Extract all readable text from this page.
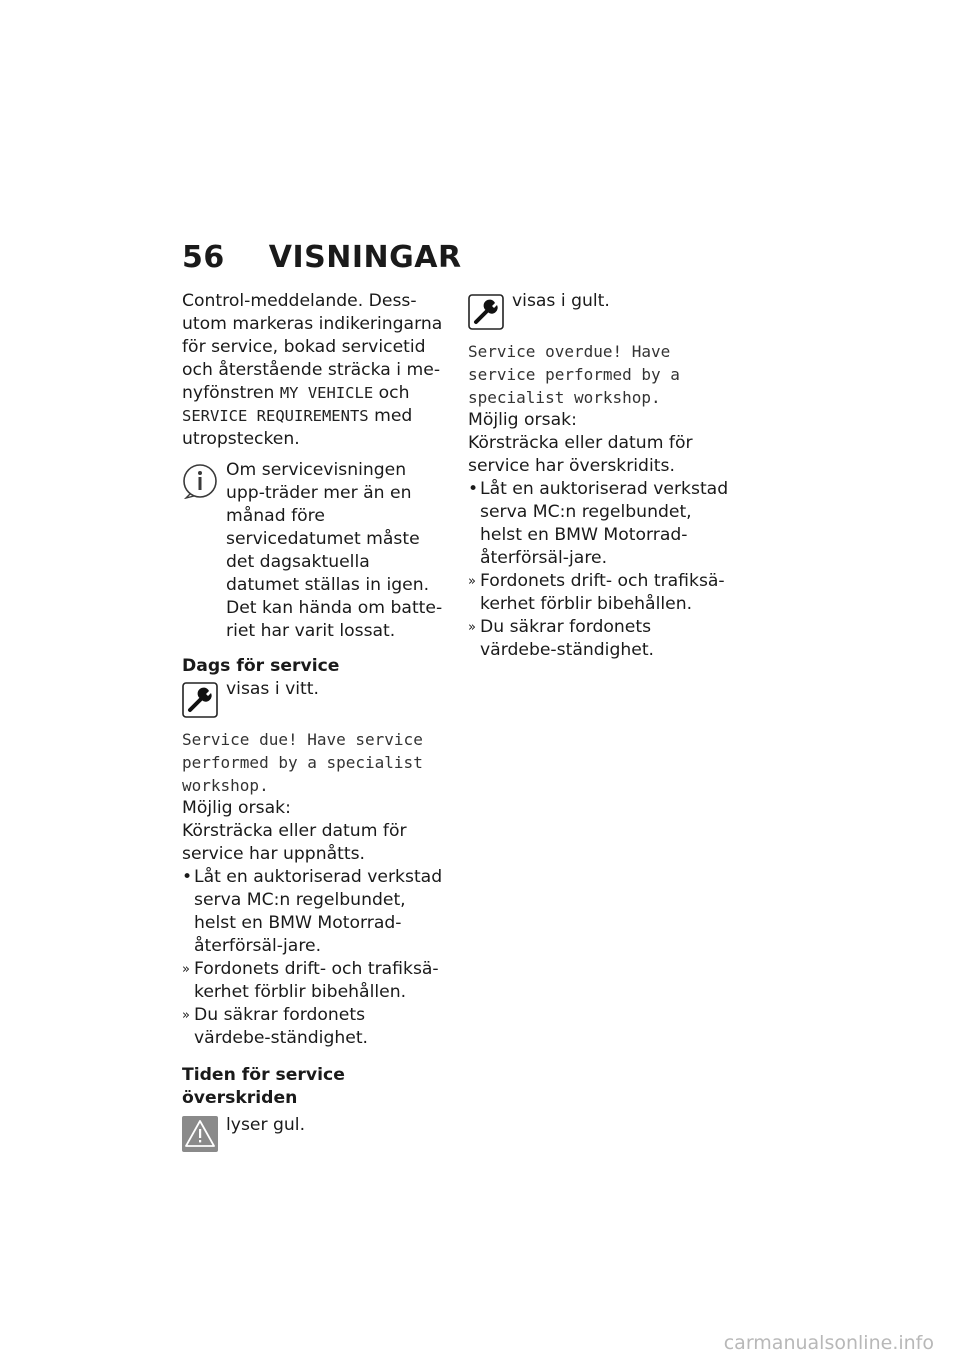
56 VISNINGAR

Control-meddelande. Dess-utom markeras indikeringarna för service, bokad servicetid och återstående sträcka i me-nyfönstren MY VEHICLE och SERVICE REQUIREMENTS med utropstecken.

Om servicevisningen upp-träder mer än en månad före servicedatumet måste det dagsaktuella datumet ställas in igen. Det kan hända om batte-riet har varit lossat.

Dags för service

visas i vitt.

Service due! Have service performed by a specialist workshop.

Möjlig orsak:

Körsträcka eller datum för service har uppnåtts.

• Låt en auktoriserad verkstad serva MC:n regelbundet, helst en BMW Motorrad-återförsäl-jare.

» Fordonets drift- och trafiksä-kerhet förblir bibehållen.

» Du säkrar fordonets värdebe-ständighet.

Tiden för service överskriden

lyser gul.

visas i gult.

Service overdue! Have service performed by a specialist workshop.

Möjlig orsak:

Körsträcka eller datum för service har överskridits.

• Låt en auktoriserad verkstad serva MC:n regelbundet, helst en BMW Motorrad-återförsäl-jare.

» Fordonets drift- och trafiksä-kerhet förblir bibehållen.

» Du säkrar fordonets värdebe-ständighet.

carmanualsonline.info
